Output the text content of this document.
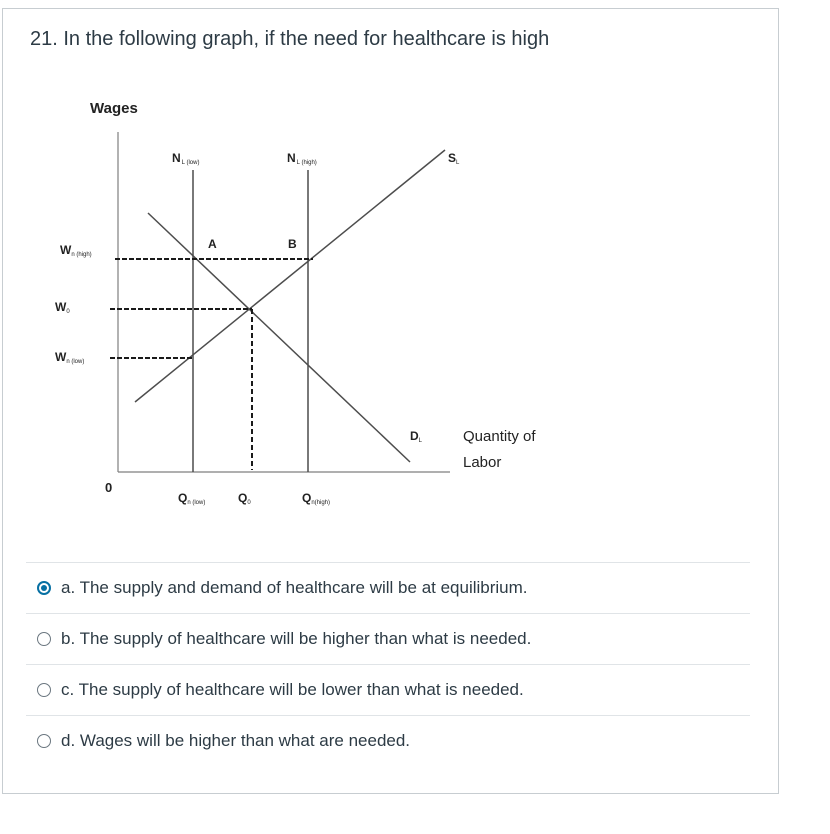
21. In the following graph, if the need for healthcare is high
Wages
Quantity of
Labor
0
NL (low)	NL (high)	SL
DL
A	B
Wn (high)
W0
Wn (low)
Qn (low)	Q0	Qn(high)
a. The supply and demand of healthcare will be at equilibrium.
b. The supply of healthcare will be higher than what is needed.
c. The supply of healthcare will be lower than what is needed.
d. Wages will be higher than what are needed.
